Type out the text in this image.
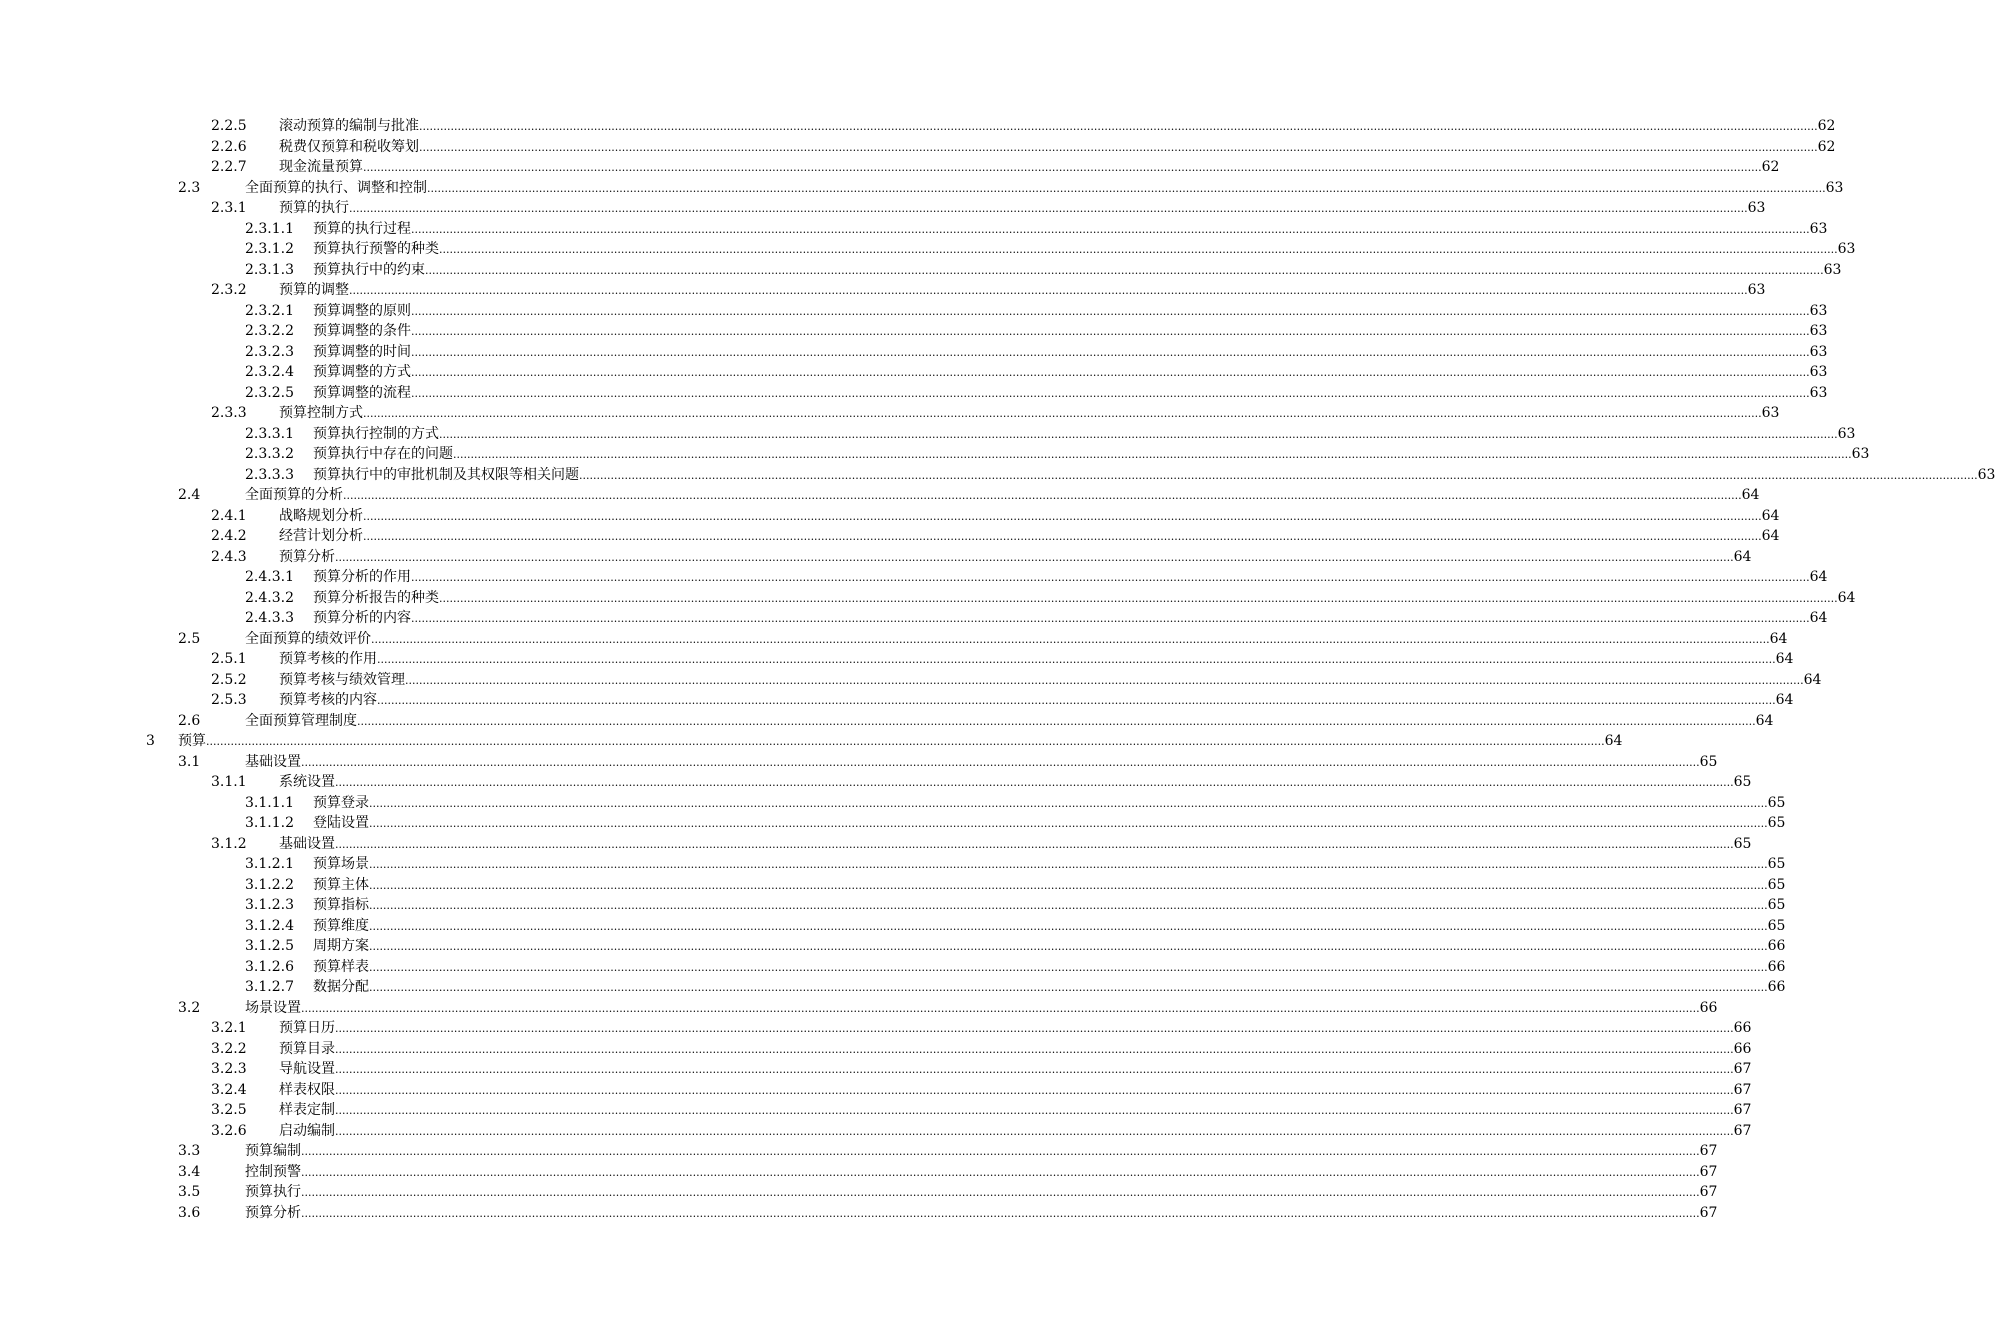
2.2.5 滚动预算的编制与批准 ................................................................................................................................................................................................................................................................................................................................................................................................................ 62
2.2.6 税费仅预算和税收筹划 ................................................................................................................................................................................................................................................................................................................................................................................................................ 62
2.2.7 现金流量预算 ................................................................................................................................................................................................................................................................................................................................................................................................................ 62
2.3	全面预算的执行、调整和控制 ................................................................................................................................................................................................................................................................................................................................................................................................................ 63
2.3.1 预算的执行 ................................................................................................................................................................................................................................................................................................................................................................................................................ 63
2.3.1.1 预算的执行过程 ................................................................................................................................................................................................................................................................................................................................................................................................................ 63
2.3.1.2 预算执行预警的种类 ................................................................................................................................................................................................................................................................................................................................................................................................................ 63
2.3.1.3 预算执行中的约束 ................................................................................................................................................................................................................................................................................................................................................................................................................ 63
2.3.2 预算的调整 ................................................................................................................................................................................................................................................................................................................................................................................................................ 63
2.3.2.1 预算调整的原则 ................................................................................................................................................................................................................................................................................................................................................................................................................ 63
2.3.2.2 预算调整的条件 ................................................................................................................................................................................................................................................................................................................................................................................................................ 63
2.3.2.3 预算调整的时间 ................................................................................................................................................................................................................................................................................................................................................................................................................ 63
2.3.2.4 预算调整的方式 ................................................................................................................................................................................................................................................................................................................................................................................................................ 63
2.3.2.5 预算调整的流程 ................................................................................................................................................................................................................................................................................................................................................................................................................ 63
2.3.3 预算控制方式 ................................................................................................................................................................................................................................................................................................................................................................................................................ 63
2.3.3.1 预算执行控制的方式 ................................................................................................................................................................................................................................................................................................................................................................................................................ 63
2.3.3.2 预算执行中存在的问题 ................................................................................................................................................................................................................................................................................................................................................................................................................ 63
2.3.3.3 预算执行中的审批机制及其权限等相关问题 ................................................................................................................................................................................................................................................................................................................................................................................................................ 63
2.4	全面预算的分析 ................................................................................................................................................................................................................................................................................................................................................................................................................ 64
2.4.1 战略规划分析 ................................................................................................................................................................................................................................................................................................................................................................................................................ 64
2.4.2 经营计划分析 ................................................................................................................................................................................................................................................................................................................................................................................................................ 64
2.4.3 预算分析 ................................................................................................................................................................................................................................................................................................................................................................................................................ 64
2.4.3.1 预算分析的作用 ................................................................................................................................................................................................................................................................................................................................................................................................................ 64
2.4.3.2 预算分析报告的种类 ................................................................................................................................................................................................................................................................................................................................................................................................................ 64
2.4.3.3 预算分析的内容 ................................................................................................................................................................................................................................................................................................................................................................................................................ 64
2.5	全面预算的绩效评价 ................................................................................................................................................................................................................................................................................................................................................................................................................ 64
2.5.1 预算考核的作用 ................................................................................................................................................................................................................................................................................................................................................................................................................ 64
2.5.2 预算考核与绩效管理 ................................................................................................................................................................................................................................................................................................................................................................................................................ 64
2.5.3 预算考核的内容 ................................................................................................................................................................................................................................................................................................................................................................................................................ 64
2.6	全面预算管理制度 ................................................................................................................................................................................................................................................................................................................................................................................................................ 64
3 预算 ................................................................................................................................................................................................................................................................................................................................................................................................................ 64
3.1	基础设置 ................................................................................................................................................................................................................................................................................................................................................................................................................ 65
3.1.1 系统设置 ................................................................................................................................................................................................................................................................................................................................................................................................................ 65
3.1.1.1 预算登录 ................................................................................................................................................................................................................................................................................................................................................................................................................ 65
3.1.1.2 登陆设置 ................................................................................................................................................................................................................................................................................................................................................................................................................ 65
3.1.2 基础设置 ................................................................................................................................................................................................................................................................................................................................................................................................................ 65
3.1.2.1 预算场景 ................................................................................................................................................................................................................................................................................................................................................................................................................ 65
3.1.2.2 预算主体 ................................................................................................................................................................................................................................................................................................................................................................................................................ 65
3.1.2.3 预算指标 ................................................................................................................................................................................................................................................................................................................................................................................................................ 65
3.1.2.4 预算维度 ................................................................................................................................................................................................................................................................................................................................................................................................................ 65
3.1.2.5 周期方案 ................................................................................................................................................................................................................................................................................................................................................................................................................ 66
3.1.2.6 预算样表 ................................................................................................................................................................................................................................................................................................................................................................................................................ 66
3.1.2.7 数据分配 ................................................................................................................................................................................................................................................................................................................................................................................................................ 66
3.2	场景设置 ................................................................................................................................................................................................................................................................................................................................................................................................................ 66
3.2.1 预算日历 ................................................................................................................................................................................................................................................................................................................................................................................................................ 66
3.2.2 预算目录 ................................................................................................................................................................................................................................................................................................................................................................................................................ 66
3.2.3 导航设置 ................................................................................................................................................................................................................................................................................................................................................................................................................ 67
3.2.4 样表权限 ................................................................................................................................................................................................................................................................................................................................................................................................................ 67
3.2.5 样表定制 ................................................................................................................................................................................................................................................................................................................................................................................................................ 67
3.2.6 启动编制 ................................................................................................................................................................................................................................................................................................................................................................................................................ 67
3.3	预算编制 ................................................................................................................................................................................................................................................................................................................................................................................................................ 67
3.4	控制预警 ................................................................................................................................................................................................................................................................................................................................................................................................................ 67
3.5	预算执行 ................................................................................................................................................................................................................................................................................................................................................................................................................ 67
3.6	预算分析 ................................................................................................................................................................................................................................................................................................................................................................................................................ 67
